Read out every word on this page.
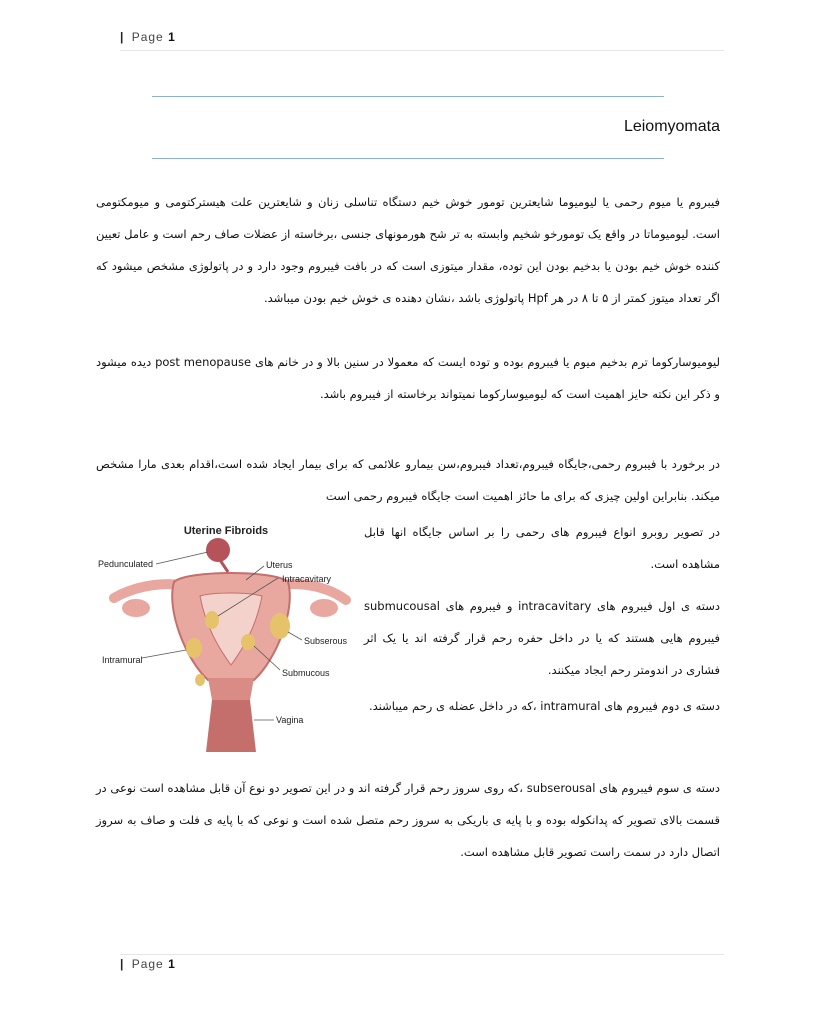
| Page 1
Leiomyomata
فیبروم یا میوم رحمی یا لیومیوما شایعترین تومور خوش خیم دستگاه تناسلی زنان و شایعترین علت هیسترکتومی و میومکتومی است. لیومیوماتا در واقع یک تومورخو شخیم وابسته به تر شح هورمونهای جنسی ،برخاسته از عضلات صاف رحم است و عامل تعیین کننده خوش خیم بودن یا بدخیم بودن این توده، مقدار میتوزی است که در بافت فیبروم وجود دارد و در پاتولوژی مشخص میشود که اگر تعداد میتوز کمتر از ۵ تا ۸ در هر Hpf پاتولوژی باشد ،نشان دهنده ی خوش خیم بودن میباشد.
لیومیوسارکوما ترم بدخیم میوم یا فیبروم بوده و توده ایست که معمولا در سنین بالا و در خانم های post menopause دیده میشود و ذکر این نکته حایز اهمیت است که لیومیوسارکوما نمیتواند برخاسته از فیبروم باشد.
در برخورد با فیبروم رحمی،جایگاه فیبروم،تعداد فیبروم،سن بیمارو علائمی که برای بیمار ایجاد شده است،اقدام بعدی مارا مشخص میکند. بنابراین اولین چیزی که برای ما حائز اهمیت است جایگاه فیبروم رحمی است
در تصویر روبرو انواع فیبروم های رحمی را بر اساس جایگاه انها قابل مشاهده است.
دسته ی اول فیبروم های intracavitary و فیبروم های submucousal فیبروم هایی هستند که یا در داخل حفره رحم قرار گرفته اند یا یک اثر فشاری در اندومتر رحم ایجاد میکنند.
دسته ی دوم فیبروم های intramural ،که در داخل عضله ی رحم میباشند.
دسته ی سوم فیبروم های subserousal ،که روی سروز رحم قرار گرفته اند و در این تصویر دو نوع آن قابل مشاهده است نوعی در قسمت بالای تصویر که پدانکوله بوده و با پایه ی باریکی به سروز رحم متصل شده است و نوعی که با پایه ی فلت و صاف به سروز اتصال دارد در سمت راست تصویر قابل مشاهده است.
Uterine Fibroids
Pedunculated	Uterus
Intracavitary
Subserous
Intramural
Submucous
Vagina
| Page 1
